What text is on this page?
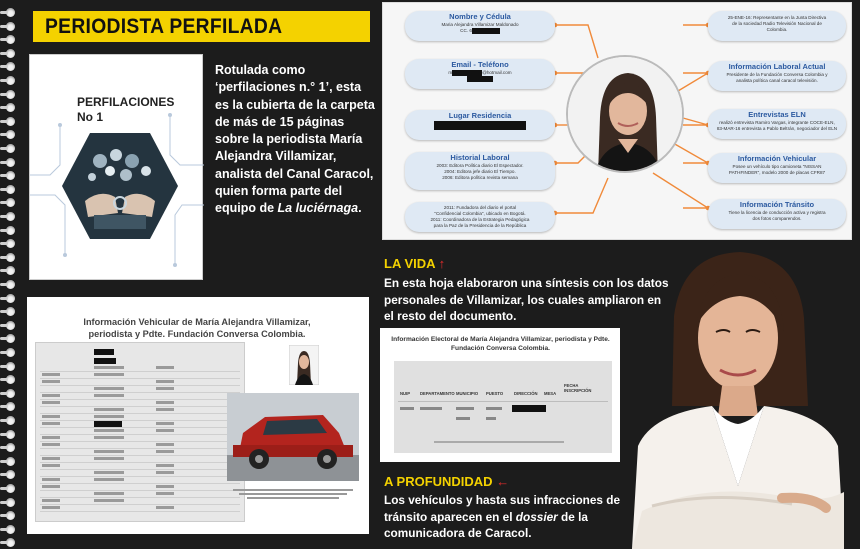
PERIODISTA PERFILADA
PERFILACIONES
No 1
Rotulada como ‘perfilaciones n.° 1’, esta es la cubierta de la carpeta de más de 15 páginas sobre la periodista María Alejandra Villamizar, analista del Canal Caracol, quien forma parte del equipo de La luciérnaga.
Nombre y Cédula
Maria Alejandra Villamizar Maldonado
CC. 6
Email - Teléfono
m	@hotmail.com
Lugar Residencia
Historial Laboral
2003: Editora Política diario El Espectador.
2004: Editora jefe diario El Tiempo.
2006: Editora política revista semana
2011: Fundadora del diario el portal
"Confidencial Colombia", ubicado en Bogotá.
2011: Coordinadora de la Estrategia Pedagógica
para la Paz de la Presidencia de la República
25-ENE-16: Representante en la Junta Directiva
de la sociedad Radio Televisión Nacional de
Colombia.
Información Laboral Actual
Presidente de la Fundación Conversa Colombia y
analista política canal caracol televisión.
Entrevistas ELN
realizó entrevista Ramiro Vargas, integrante COCE-ELN,
83-MAR-16 entrevista a Pablo Beltrán, negociador del ELN
Información Vehicular
Posee un vehículo tipo camioneta "NISSAN
PATHFINDER", modelo 2000 de placas CFR87
Información Tránsito
Tiene la licencia de conducción activa y registra
dos fotos comparendos.
Información Vehicular de María Alejandra Villamizar,
periodista y Pdte. Fundación Conversa Colombia.
LA VIDA ↑
En esta hoja elaboraron una síntesis con los datos personales de Villamizar, los cuales ampliaron en el resto del documento.
Información Electoral de María Alejandra Villamizar, periodista y Pdte.
Fundación Conversa Colombia.
NUIP DEPARTAMENTO MUNICIPIO PUESTO	DIRECCIÓN MESA
FECHA INSCRIPCIÓN
A PROFUNDIDAD ←
Los vehículos y hasta sus infracciones de tránsito aparecen en el dossier de la comunicadora de Caracol.
